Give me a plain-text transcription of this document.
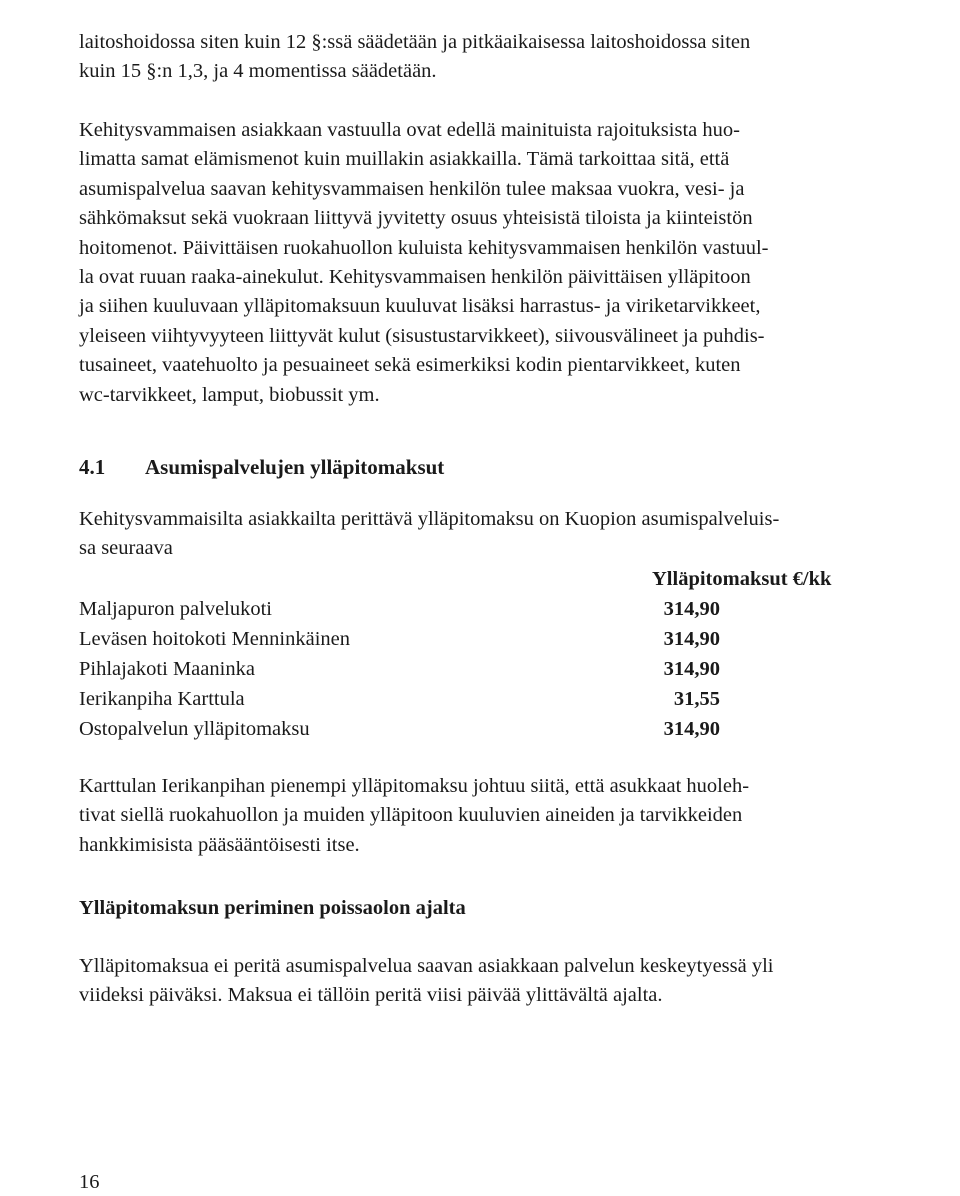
laitoshoidossa siten kuin 12 §:ssä säädetään ja pitkäaikaisessa laitoshoidossa siten
kuin 15 §:n 1,3, ja 4 momentissa säädetään.
Kehitysvammaisen asiakkaan vastuulla ovat edellä mainituista rajoituksista huo-
limatta samat elämismenot kuin muillakin asiakkailla. Tämä tarkoittaa sitä, että
asumispalvelua saavan kehitysvammaisen henkilön tulee maksaa vuokra, vesi- ja
sähkömaksut sekä vuokraan liittyvä jyvitetty osuus yhteisistä tiloista ja kiinteistön
hoitomenot. Päivittäisen ruokahuollon kuluista kehitysvammaisen henkilön vastuul-
la ovat ruuan raaka-ainekulut. Kehitysvammaisen henkilön päivittäisen ylläpitoon
ja siihen kuuluvaan ylläpitomaksuun kuuluvat lisäksi harrastus- ja viriketarvikkeet,
yleiseen viihtyvyyteen liittyvät kulut (sisustustarvikkeet), siivousvälineet ja puhdis-
tusaineet, vaatehuolto ja pesuaineet sekä esimerkiksi kodin pientarvikkeet, kuten
wc-tarvikkeet, lamput, biobussit ym.
4.1 Asumispalvelujen ylläpitomaksut
Kehitysvammaisilta asiakkailta perittävä ylläpitomaksu on Kuopion asumispalveluis-
sa seuraava
Ylläpitomaksut €/kk
Maljapuron palvelukoti	314,90
Leväsen hoitokoti Menninkäinen	314,90
Pihlajakoti Maaninka	314,90
Ierikanpiha Karttula	31,55
Ostopalvelun ylläpitomaksu	314,90
Karttulan Ierikanpihan pienempi ylläpitomaksu johtuu siitä, että asukkaat huoleh-
tivat siellä ruokahuollon ja muiden ylläpitoon kuuluvien aineiden ja tarvikkeiden
hankkimisista pääsääntöisesti itse.
Ylläpitomaksun periminen poissaolon ajalta
Ylläpitomaksua ei peritä asumispalvelua saavan asiakkaan palvelun keskeytyessä yli
viideksi päiväksi. Maksua ei tällöin peritä viisi päivää ylittävältä ajalta.
16
